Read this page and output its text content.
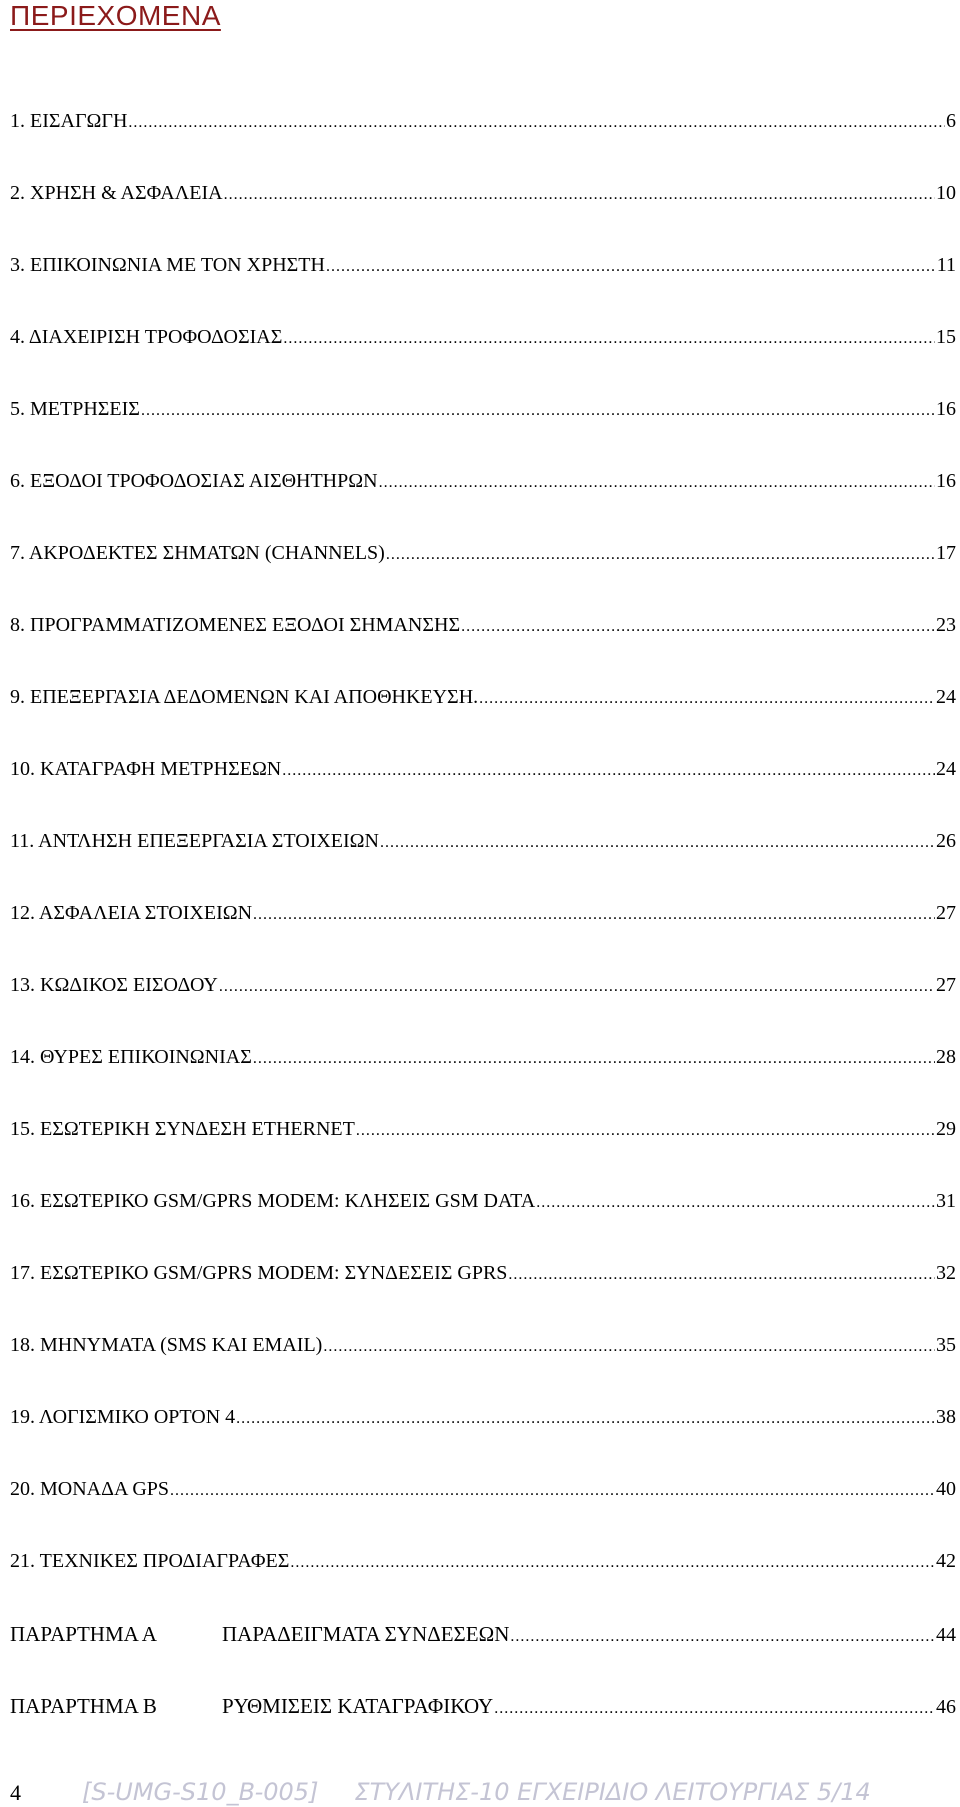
ΠΕΡΙΕΧΟΜΕΝΑ
1. ΕΙΣΑΓΩΓΗ .....	6
2. ΧΡΗΣΗ & ΑΣΦΑΛΕΙΑ .....	10
3. ΕΠΙΚΟΙΝΩΝΙΑ ΜΕ ΤΟΝ ΧΡΗΣΤΗ .....	11
4. ΔΙΑΧΕΙΡΙΣΗ ΤΡΟΦΟΔΟΣΙΑΣ .....	15
5. ΜΕΤΡΗΣΕΙΣ .....	16
6. ΕΞΟΔΟΙ ΤΡΟΦΟΔΟΣΙΑΣ ΑΙΣΘΗΤΗΡΩΝ .....	16
7. ΑΚΡΟΔΕΚΤΕΣ ΣΗΜΑΤΩΝ (CHANNELS) .....	17
8. ΠΡΟΓΡΑΜΜΑΤΙΖΟΜΕΝΕΣ ΕΞΟΔΟΙ ΣΗΜΑΝΣΗΣ .....	23
9. ΕΠΕΞΕΡΓΑΣΙΑ ΔΕΔΟΜΕΝΩΝ ΚΑΙ ΑΠΟΘΗΚΕΥΣΗ. .....	24
10. ΚΑΤΑΓΡΑΦΗ ΜΕΤΡΗΣΕΩΝ .....	24
11. ΑΝΤΛΗΣΗ ΕΠΕΞΕΡΓΑΣΙΑ ΣΤΟΙΧΕΙΩΝ .....	26
12. ΑΣΦΑΛΕΙΑ ΣΤΟΙΧΕΙΩΝ .....	27
13. ΚΩΔΙΚΟΣ ΕΙΣΟΔΟΥ .....	27
14. ΘΥΡΕΣ ΕΠΙΚΟΙΝΩΝΙΑΣ .....	28
15. ΕΣΩΤΕΡΙΚΗ ΣΥΝΔΕΣΗ ETHERNET .....	29
16. ΕΣΩΤΕΡΙΚΟ GSM/GPRS MODEM: ΚΛΗΣΕΙΣ GSM DATA .....	31
17. ΕΣΩΤΕΡΙΚΟ GSM/GPRS MODEM: ΣΥΝΔΕΣΕΙΣ GPRS .....	32
18. ΜΗΝΥΜΑΤΑ (SMS ΚΑΙ EMAIL) .....	35
19. ΛΟΓΙΣΜΙΚΟ OPTON 4 .....	38
20. ΜΟΝΑΔΑ GPS .....	40
21. ΤΕΧΝΙΚΕΣ ΠΡΟΔΙΑΓΡΑΦΕΣ .....	42
ΠΑΡΑΡΤΗΜΑ Α	ΠΑΡΑΔΕΙΓΜΑΤΑ ΣΥΝΔΕΣΕΩΝ .....	44
ΠΑΡΑΡΤΗΜΑ Β	ΡΥΘΜΙΣΕΙΣ ΚΑΤΑΓΡΑΦΙΚΟΥ .....	46
4	[S-UMG-S10_B-005] ΣΤΥΛΙΤΗΣ-10 ΕΓΧΕΙΡΙΔΙΟ ΛΕΙΤΟΥΡΓΙΑΣ 5/14
